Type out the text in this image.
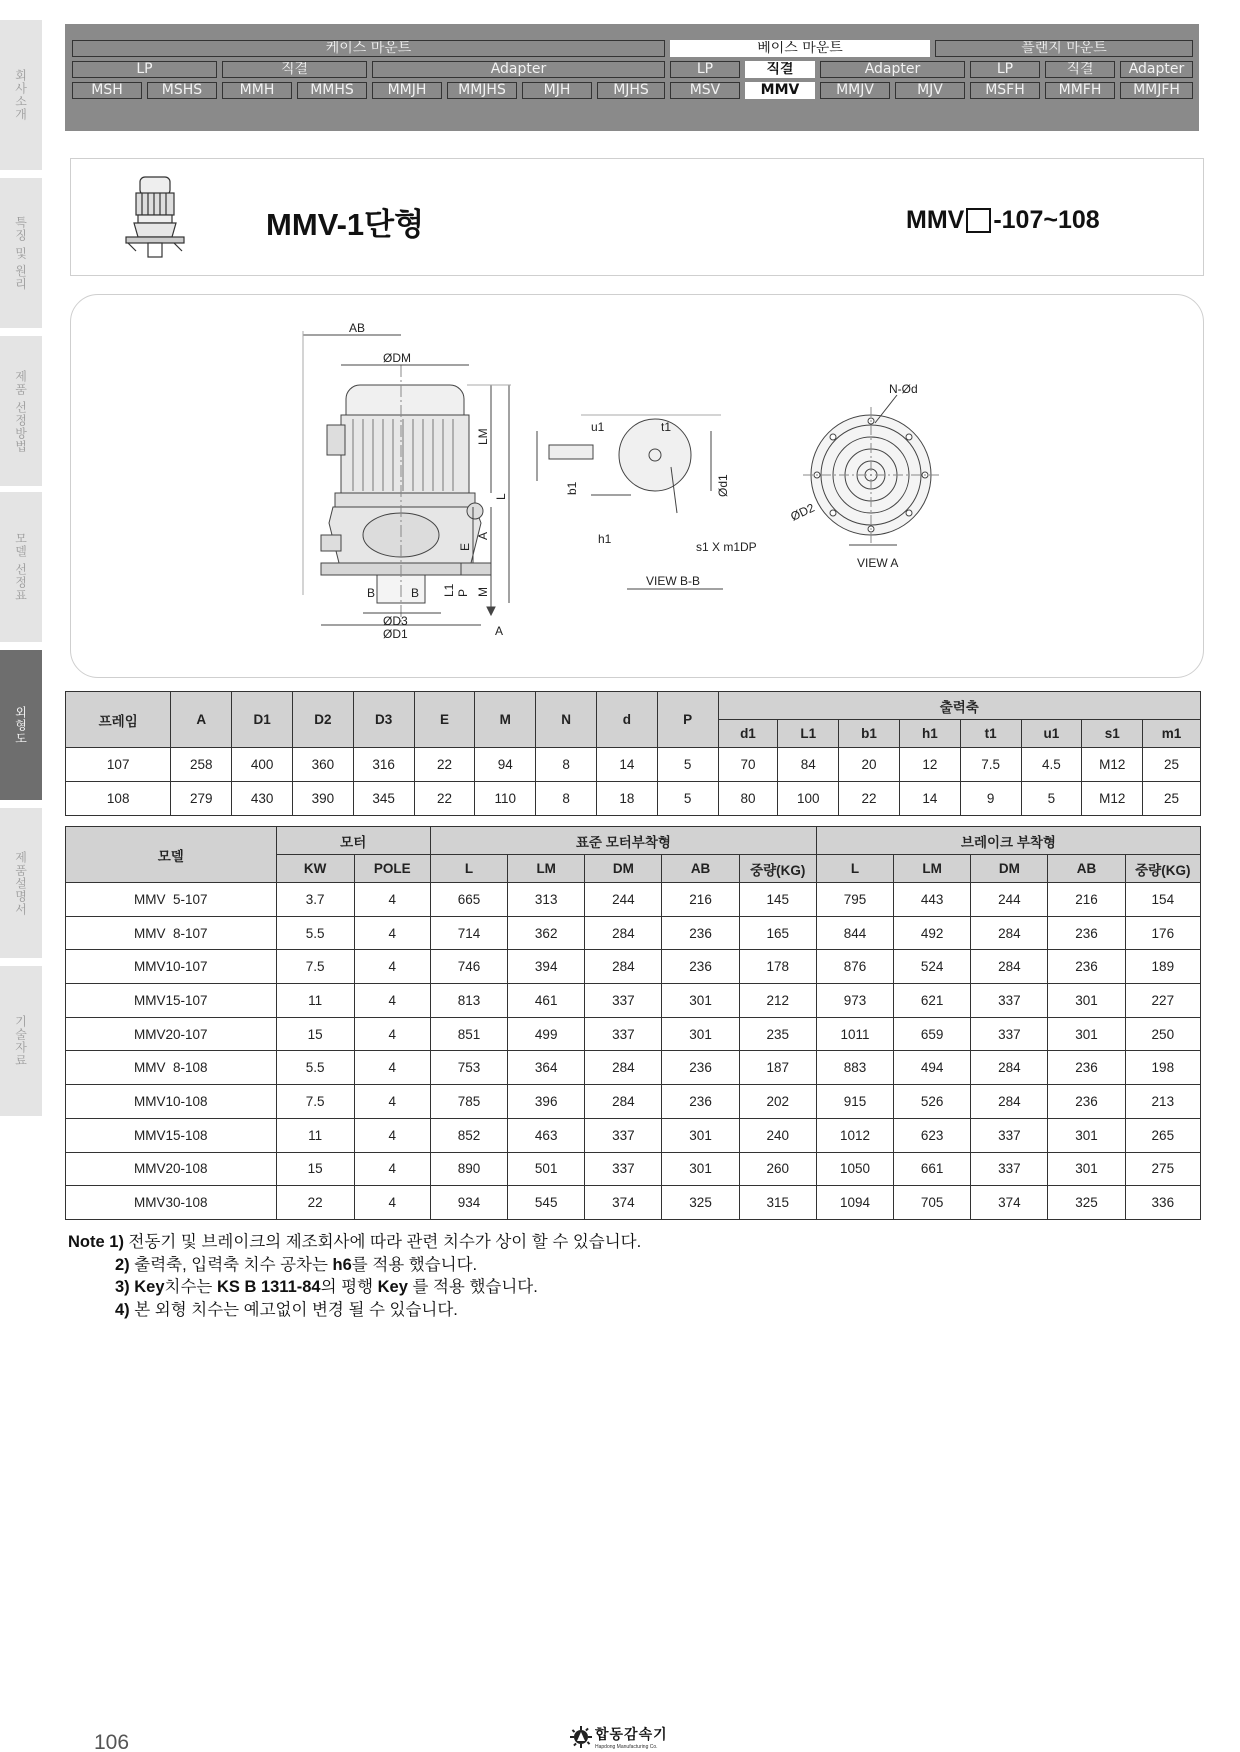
회사소개
특징 및 원리
제품 선정방법
모델 선정표
외형도
제품설명서
기술자료
케이스 마운트	베이스 마운트	플랜지 마운트
LP	직결	Adapter	LP	직결	Adapter	LP	직결	Adapter
MSH	MSHS	MMH	MMHS	MMJH	MMJHS	MJH	MJHS	MSV	MMV	MMJV	MJV	MSFH	MMFH	MMJFH
MMV-1단형	MMV -107~108
AB
ØDM
LM
L
A
E
P M
L1
B	B
ØD3
ØD1	A
u1	t1
b1
h1
Ød1
s1 X m1DP
VIEW B-B
N-Ød
ØD2
VIEW A
프레임	A	D1	D2	D3	E	M	N	d	P	출력축							
										d1	L1	b1	h1	t1	u1	s1	m1
107	258	400	360	316	22	94	8	14	5	70	84	20	12	7.5	4.5	M12	25
108	279	430	390	345	22	110	8	18	5	80	100	22	14	9	5	M12	25
모델	모터		표준 모터부착형					브레이크 부착형				
	KW	POLE	L	LM	DM	AB	중량(KG)	L	LM	DM	AB	중량(KG)
MMV  5-107	3.7	4	665	313	244	216	145	795	443	244	216	154
MMV  8-107	5.5	4	714	362	284	236	165	844	492	284	236	176
MMV10-107	7.5	4	746	394	284	236	178	876	524	284	236	189
MMV15-107	11	4	813	461	337	301	212	973	621	337	301	227
MMV20-107	15	4	851	499	337	301	235	1011	659	337	301	250
MMV  8-108	5.5	4	753	364	284	236	187	883	494	284	236	198
MMV10-108	7.5	4	785	396	284	236	202	915	526	284	236	213
MMV15-108	11	4	852	463	337	301	240	1012	623	337	301	265
MMV20-108	15	4	890	501	337	301	260	1050	661	337	301	275
MMV30-108	22	4	934	545	374	325	315	1094	705	374	325	336
Note 1) 전동기 및 브레이크의 제조회사에 따라 관련 치수가 상이 할 수 있습니다.
2) 출력축, 입력축 치수 공차는 h6를 적용 했습니다.
3) Key치수는 KS B 1311-84의 평행 Key 를 적용 했습니다.
4) 본 외형 치수는 예고없이 변경 될 수 있습니다.
106	합동감속기
Hapdong Manufacturing Co.
